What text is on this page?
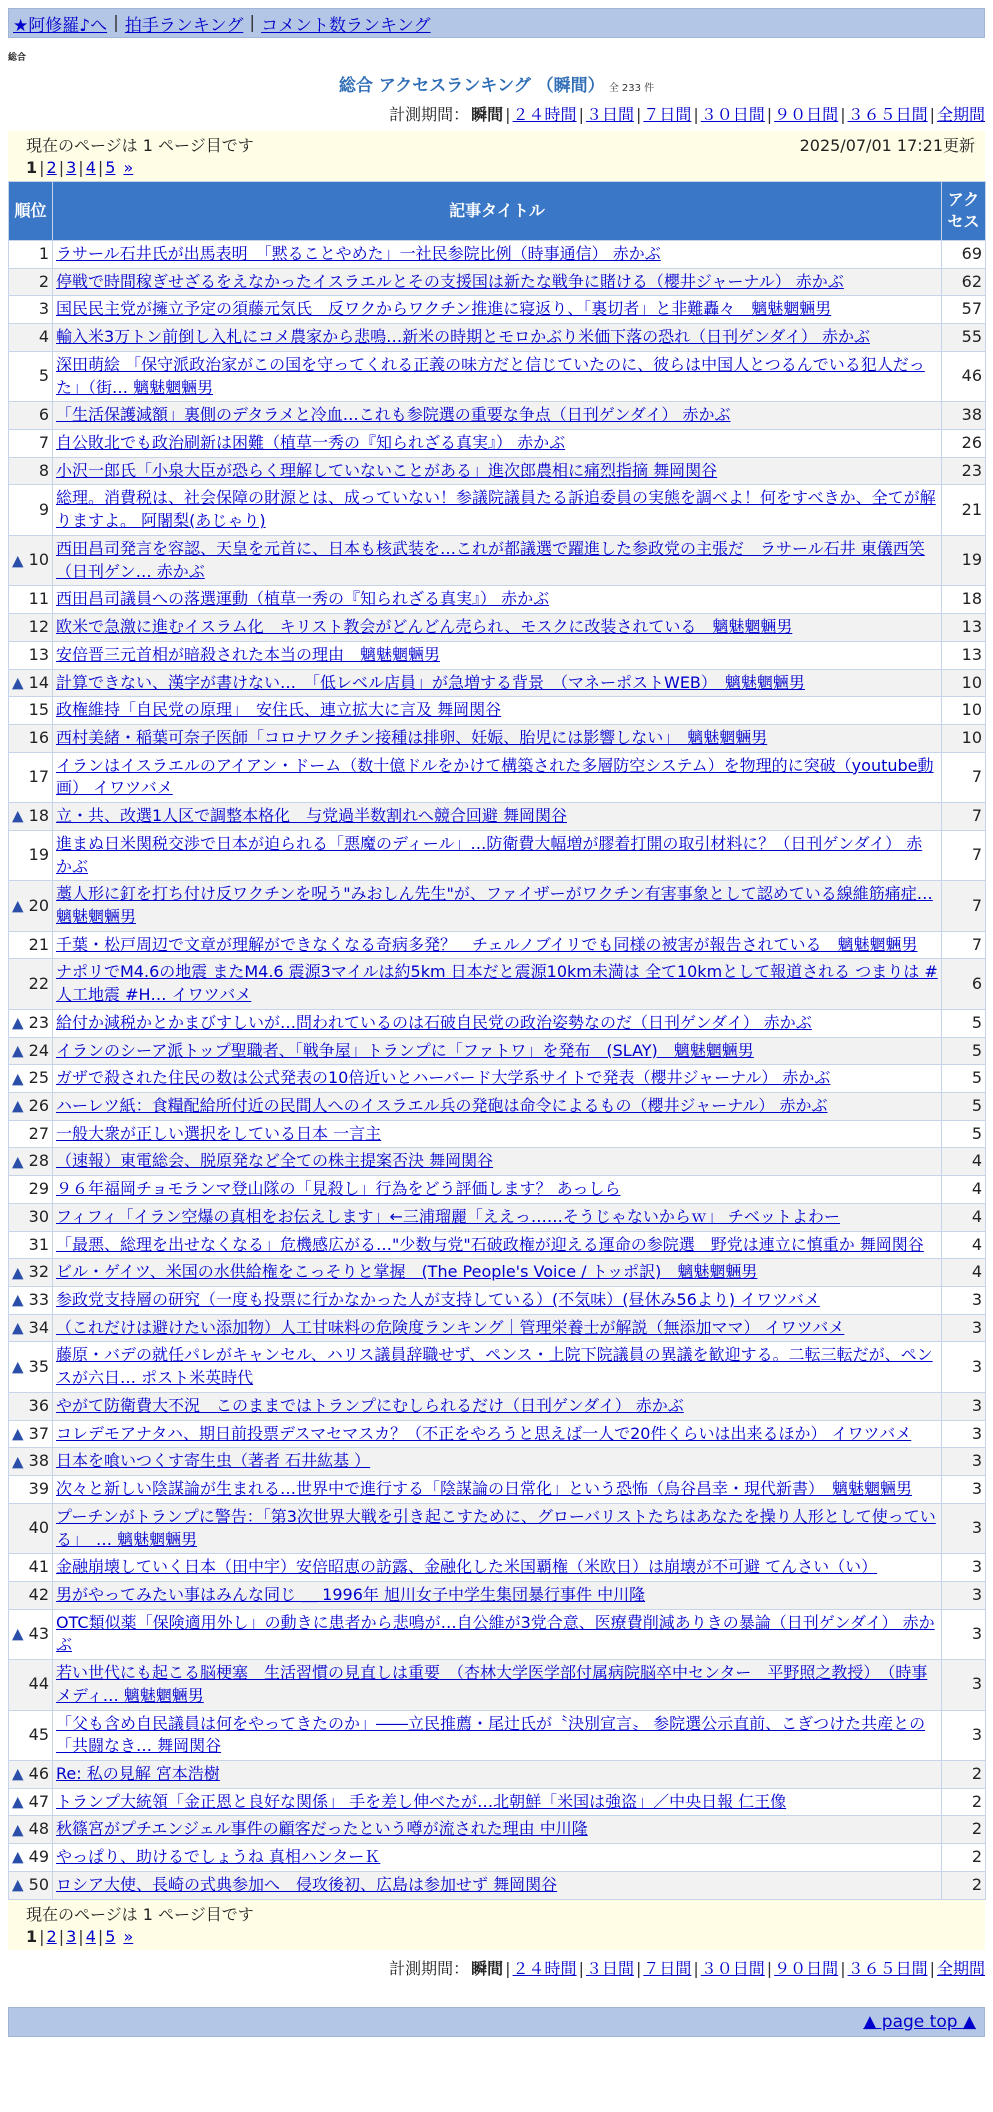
★阿修羅♪へ | 拍手ランキング | コメント数ランキング
総合
総合 アクセスランキング （瞬間） 全 233 件
計測期間： 瞬間 | ２４時間 | ３日間 | ７日間 | ３０日間 | ９０日間 | ３６５日間 | 全期間
現在のページは 1 ページ目です	2025/07/01 17:21更新
1 | 2 | 3 | 4 | 5 »
順位	記事タイトル	アクセス
1	ラサール石井氏が出馬表明　「黙ることやめた」一社民参院比例（時事通信） 赤かぶ	69
2	停戦で時間稼ぎせざるをえなかったイスラエルとその支援国は新たな戦争に賭ける（櫻井ジャーナル） 赤かぶ	62
3	国民民主党が擁立予定の須藤元気氏　反ワクからワクチン推進に寝返り、「裏切者」と非難轟々　魑魅魍魎男	57
4	輸入米3万トン前倒し入札にコメ農家から悲鳴…新米の時期とモロかぶり米価下落の恐れ（日刊ゲンダイ） 赤かぶ	55
5	深田萌絵 「保守派政治家がこの国を守ってくれる正義の味方だと信じていたのに、彼らは中国人とつるんでいる犯人だった」（街… 魑魅魍魎男	46
6	「生活保護減額」裏側のデタラメと冷血…これも参院選の重要な争点（日刊ゲンダイ） 赤かぶ	38
7	自公敗北でも政治刷新は困難（植草一秀の『知られざる真実』） 赤かぶ	26
8	小沢一郎氏「小泉大臣が恐らく理解していないことがある」進次郎農相に痛烈指摘 舞岡関谷	23
9	総理。消費税は、社会保障の財源とは、成っていない！参議院議員たる訴追委員の実態を調べよ！何をすべきか、全てが解りますよ。 阿闍梨(あじゃり)	21

▲ 10	西田昌司発言を容認、天皇を元首に、日本も核武装を…これが都議選で躍進した参政党の主張だ　ラサール石井 東儀西笑（日刊ゲン… 赤かぶ	19
11	西田昌司議員への落選運動（植草一秀の『知られざる真実』） 赤かぶ	18
12	欧米で急激に進むイスラム化　キリスト教会がどんどん売られ、モスクに改装されている　魑魅魍魎男	13
13	安倍晋三元首相が暗殺された本当の理由　魑魅魍魎男	13

▲ 14	計算できない、漢字が書けない…　「低レベル店員」が急増する背景　（マネーポストWEB）　魑魅魍魎男	10
15	政権維持「自民党の原理」　安住氏、連立拡大に言及 舞岡関谷	10
16	西村美緒・稲葉可奈子医師「コロナワクチン接種は排卵、妊娠、胎児には影響しない」　魑魅魍魎男	10
17	イランはイスラエルのアイアン・ドーム（数十億ドルをかけて構築された多層防空システム）を物理的に突破（youtube動画） イワツバメ	7

▲ 18	立・共、改選1人区で調整本格化　与党過半数割れへ競合回避 舞岡関谷	7
19	進まぬ日米関税交渉で日本が迫られる「悪魔のディール」…防衛費大幅増が膠着打開の取引材料に？（日刊ゲンダイ） 赤かぶ	7

▲ 20	藁人形に釘を打ち付け反ワクチンを呪う"みおしん先生"が、ファイザーがワクチン有害事象として認めている線維筋痛症… 魑魅魍魎男	7
21	千葉・松戸周辺で文章が理解ができなくなる奇病多発？　チェルノブイリでも同様の被害が報告されている　魑魅魍魎男	7
22	ナポリでM4.6の地震 またM4.6 震源3マイルは約5km 日本だと震源10km未満は 全て10kmとして報道される つまりは #人工地震 #H… イワツバメ	6

▲ 23	給付か減税かとかまびすしいが…問われているのは石破自民党の政治姿勢なのだ（日刊ゲンダイ） 赤かぶ	5

▲ 24	イランのシーア派トップ聖職者、「戦争屋」トランプに「ファトワ」を発布　(SLAY)　魑魅魍魎男	5

▲ 25	ガザで殺された住民の数は公式発表の10倍近いとハーバード大学系サイトで発表（櫻井ジャーナル） 赤かぶ	5

▲ 26	ハーレツ紙：食糧配給所付近の民間人へのイスラエル兵の発砲は命令によるもの（櫻井ジャーナル） 赤かぶ	5
27	一般大衆が正しい選択をしている日本 一言主	5

▲ 28	（速報）東電総会、脱原発など全ての株主提案否決 舞岡関谷	4
29	９６年福岡チョモランマ登山隊の「見殺し」行為をどう評価します？ あっしら	4
30	フィフィ「イラン空爆の真相をお伝えします」←三浦瑠麗「ええっ……そうじゃないからｗ」 チベットよわー	4
31	「最悪、総理を出せなくなる」危機感広がる…"少数与党"石破政権が迎える運命の参院選　野党は連立に慎重か 舞岡関谷	4

▲ 32	ビル・ゲイツ、米国の水供給権をこっそりと掌握　(The People's Voice / トッポ訳)　魑魅魍魎男	4

▲ 33	参政党支持層の研究（一度も投票に行かなかった人が支持している）(不気味）(昼休み56より) イワツバメ	3

▲ 34	（これだけは避けたい添加物）人工甘味料の危険度ランキング｜管理栄養士が解説（無添加ママ） イワツバメ	3

▲ 35	藤原・バデの就任パレがキャンセル、ハリス議員辞職せず、ペンス・上院下院議員の異議を歓迎する。二転三転だが、ペンスが六日… ポスト米英時代	3
36	やがて防衛費大不況　このままではトランプにむしられるだけ（日刊ゲンダイ） 赤かぶ	3

▲ 37	コレデモアナタハ、期日前投票デスマセマスカ？（不正をやろうと思えば一人で20件くらいは出来るほか） イワツバメ	3

▲ 38	日本を喰いつくす寄生虫（著者 石井紘基 ）	3
39	次々と新しい陰謀論が生まれる…世界中で進行する「陰謀論の日常化」という恐怖（烏谷昌幸・現代新書）　魑魅魍魎男	3
40	プーチンがトランプに警告：「第3次世界大戦を引き起こすために、グローバリストたちはあなたを操り人形として使っている」　… 魑魅魍魎男	3
41	金融崩壊していく日本（田中宇）安倍昭恵の訪露、金融化した米国覇権（米欧日）は崩壊が不可避 てんさい（い）	3
42	男がやってみたい事はみんな同じ ＿ 1996年 旭川女子中学生集団暴行事件 中川隆	3

▲ 43	OTC類似薬「保険適用外し」の動きに患者から悲鳴が…自公維が3党合意、医療費削減ありきの暴論（日刊ゲンダイ） 赤かぶ	3
44	若い世代にも起こる脳梗塞　生活習慣の見直しは重要　（杏林大学医学部付属病院脳卒中センター　平野照之教授）　（時事メディ… 魑魅魍魎男	3
45	「父も含め自民議員は何をやってきたのか」――立民推薦・尾辻氏が〝決別宣言〟 参院選公示直前、こぎつけた共産との「共闘なき… 舞岡関谷	3

▲ 46	Re: 私の見解 宮本浩樹	2

▲ 47	トランプ大統領「金正恩と良好な関係」 手を差し伸べたが…北朝鮮「米国は強盗」／中央日報 仁王像	2

▲ 48	秋篠宮がプチエンジェル事件の顧客だったという噂が流された理由 中川隆	2

▲ 49	やっぱり、助けるでしょうね 真相ハンターＫ	2

▲ 50	ロシア大使、長崎の式典参加へ　侵攻後初、広島は参加せず 舞岡関谷	2
現在のページは 1 ページ目です
1 | 2 | 3 | 4 | 5 »
計測期間： 瞬間 | ２４時間 | ３日間 | ７日間 | ３０日間 | ９０日間 | ３６５日間 | 全期間
▲ page top ▲
